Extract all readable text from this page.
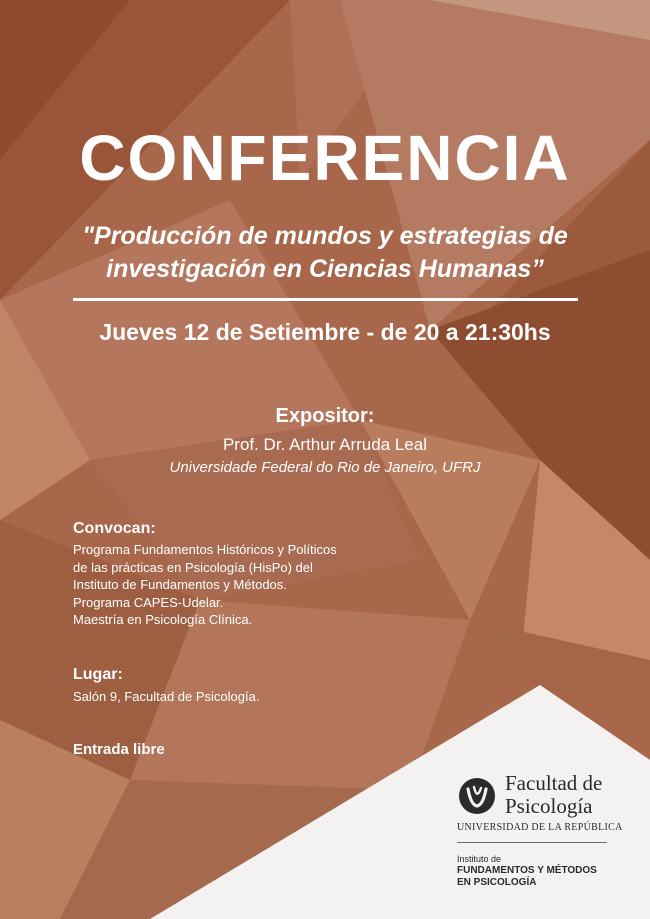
CONFERENCIA
"Producción de mundos y estrategias de
investigación en Ciencias Humanas”
Jueves 12 de Setiembre - de 20 a 21:30hs
Expositor:
Prof. Dr. Arthur Arruda Leal
Universidade Federal do Rio de Janeiro, UFRJ
Convocan:
Programa Fundamentos Históricos y Políticos
de las prácticas en Psicología (HisPo) del
Instituto de Fundamentos y Métodos.
Programa CAPES-Udelar.
Maestría en Psicología Clínica.
Lugar:
Salón 9, Facultad de Psicología.
Entrada libre
Facultad de
Psicología
UNIVERSIDAD DE LA REPÚBLICA
Instituto de
FUNDAMENTOS Y MÉTODOS
EN PSICOLOGÍA
